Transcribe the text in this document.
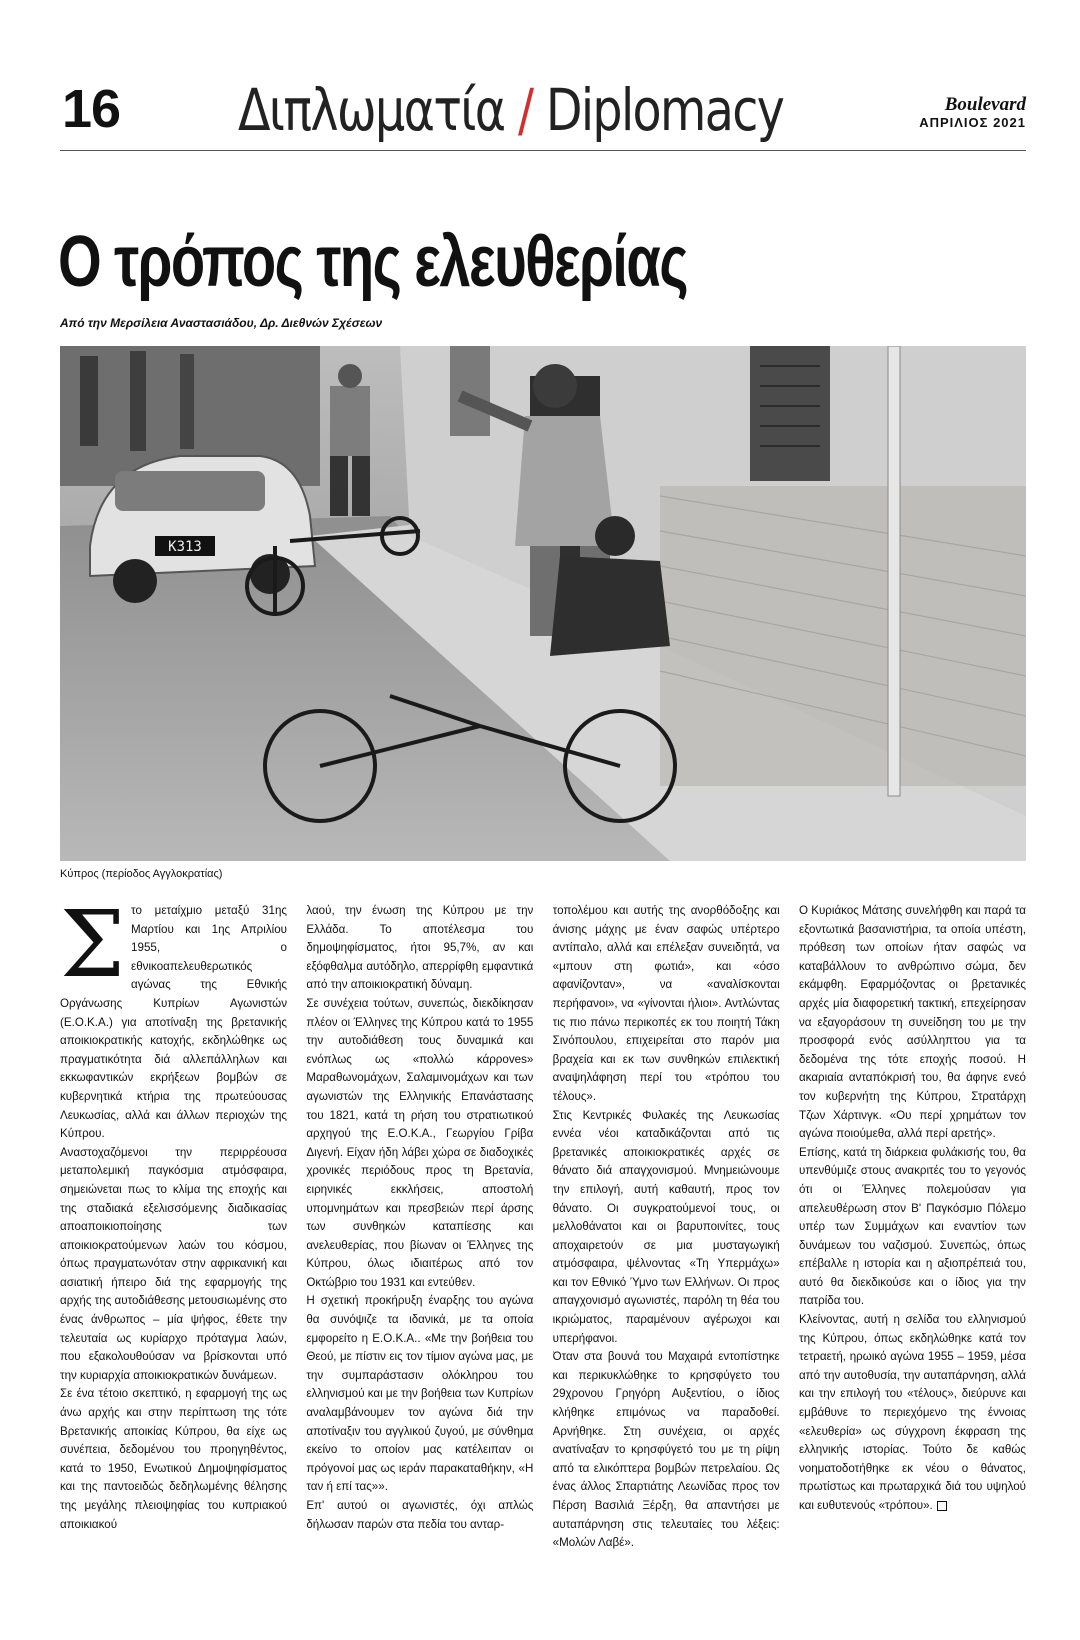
16 Διπλωματία / Diplomacy	Boulevard
ΑΠΡΙΛΙΟΣ 2021
Ο τρόπος της ελευθερίας
Από την Μερσίλεια Αναστασιάδου, Δρ. Διεθνών Σχέσεων
K313
Κύπρος (περίοδος Αγγλοκρατίας)
Σ το μεταίχμιο μεταξύ 31ης Μαρτίου και 1ης Απριλίου 1955, ο εθνικοαπελευθερωτικός αγώνας της Εθνικής Οργάνωσης Κυπρίων Αγωνιστών (Ε.Ο.Κ.Α.) για αποτίναξη της βρετανικής αποικιοκρατικής κατοχής, εκδηλώθηκε ως πραγματικότητα διά αλλεπάλληλων και εκκωφαντικών εκρήξεων βομβών σε κυβερνητικά κτήρια της πρωτεύουσας Λευκωσίας, αλλά και άλλων περιοχών της Κύπρου.

Αναστοχαζόμενοι την περιρρέουσα μεταπολεμική παγκόσμια ατμόσφαιρα, σημειώνεται πως το κλίμα της εποχής και της σταδιακά εξελισσόμενης διαδικασίας αποαποικιοποίησης των αποικιοκρατούμενων λαών του κόσμου, όπως πραγματωνόταν στην αφρικανική και ασιατική ήπειρο διά της εφαρμογής της αρχής της αυτοδιάθεσης μετουσιωμένης στο ένας άνθρωπος – μία ψήφος, έθετε την τελευταία ως κυρίαρχο πρόταγμα λαών, που εξακολουθούσαν να βρίσκονται υπό την κυριαρχία αποικιοκρατικών δυνάμεων.

Σε ένα τέτοιο σκεπτικό, η εφαρμογή της ως άνω αρχής και στην περίπτωση της τότε Βρετανικής αποικίας Κύπρου, θα είχε ως συνέπεια, δεδομένου του προηγηθέντος, κατά το 1950, Ενωτικού Δημοψηφίσματος και της παντοειδώς δεδηλωμένης θέλησης της μεγάλης πλειοψηφίας του κυπριακού αποικιακού

λαού, την ένωση της Κύπρου με την Ελλάδα. Το αποτέλεσμα του δημοψηφίσματος, ήτοι 95,7%, αν και εξόφθαλμα αυτόδηλο, απερρίφθη εμφαντικά από την αποικιοκρατική δύναμη.

Σε συνέχεια τούτων, συνεπώς, διεκδίκησαν πλέον οι Έλληνες της Κύπρου κατά το 1955 την αυτοδιάθεση τους δυναμικά και ενόπλως ως «πολλώ κάρροves» Μαραθωνομάχων, Σαλαμινομάχων και των αγωνιστών της Ελληνικής Επανάστασης του 1821, κατά τη ρήση του στρατιωτικού αρχηγού της Ε.Ο.Κ.Α., Γεωργίου Γρίβα Διγενή. Είχαν ήδη λάβει χώρα σε διαδοχικές χρονικές περιόδους προς τη Βρετανία, ειρηνικές εκκλήσεις, αποστολή υπομνημάτων και πρεσβειών περί άρσης των συνθηκών καταπίεσης και ανελευθερίας, που βίωναν οι Έλληνες της Κύπρου, όλως ιδιαιτέρως από τον Οκτώβριο του 1931 και εντεύθεν.

Η σχετική προκήρυξη έναρξης του αγώνα θα συνόψιζε τα ιδανικά, με τα οποία εμφορείτο η Ε.Ο.Κ.Α.. «Με την βοήθεια του Θεού, με πίστιν εις τον τίμιον αγώνα μας, με την συμπαράστασιν ολόκληρου του ελληνισμού και με την βοήθεια των Κυπρίων αναλαμβάνουμεν τον αγώνα διά την αποτίναξιν του αγγλικού ζυγού, με σύνθημα εκείνο το οποίον μας κατέλειπαν οι πρόγονοί μας ως ιεράν παρακαταθήκην, «Η ταν ή επί τας»».

Επ' αυτού οι αγωνιστές, όχι απλώς δήλωσαν παρών στα πεδία του ανταρ-

τοπολέμου και αυτής της ανορθόδοξης και άνισης μάχης με έναν σαφώς υπέρτερο αντίπαλο, αλλά και επέλεξαν συνειδητά, να «μπουν στη φωτιά», και «όσο αφανίζονταν», να «αναλίσκονται περήφανοι», να «γίνονται ήλιοι». Αντλώντας τις πιο πάνω περικοπές εκ του ποιητή Τάκη Σινόπουλου, επιχειρείται στο παρόν μια βραχεία και εκ των συνθηκών επιλεκτική αναψηλάφηση περί του «τρόπου του τέλους».

Στις Κεντρικές Φυλακές της Λευκωσίας εννέα νέοι καταδικάζονται από τις βρετανικές αποικιοκρατικές αρχές σε θάνατο διά απαγχονισμού. Μνημειώνουμε την επιλογή, αυτή καθαυτή, προς τον θάνατο. Οι συγκρατούμενοί τους, οι μελλοθάνατοι και οι βαρυποινίτες, τους αποχαιρετούν σε μια μυσταγωγική ατμόσφαιρα, ψέλνοντας «Τη Υπερμάχω» και τον Εθνικό Ύμνο των Ελλήνων. Οι προς απαγχονισμό αγωνιστές, παρόλη τη θέα του ικριώματος, παραμένουν αγέρωχοι και υπερήφανοι.

Όταν στα βουνά του Μαχαιρά εντοπίστηκε και περικυκλώθηκε το κρησφύγετο του 29χρονου Γρηγόρη Αυξεντίου, ο ίδιος κλήθηκε επιμόνως να παραδοθεί. Αρνήθηκε. Στη συνέχεια, οι αρχές ανατίναξαν το κρησφύγετό του με τη ρίψη από τα ελικόπτερα βομβών πετρελαίου. Ως ένας άλλος Σπαρτιάτης Λεωνίδας προς τον Πέρση Βασιλιά Ξέρξη, θα απαντήσει με αυταπάρνηση στις τελευταίες του λέξεις: «Μολών Λαβέ».

Ο Κυριάκος Μάτσης συνελήφθη και παρά τα εξοντωτικά βασανιστήρια, τα οποία υπέστη, πρόθεση των οποίων ήταν σαφώς να καταβάλλουν το ανθρώπινο σώμα, δεν εκάμφθη. Εφαρμόζοντας οι βρετανικές αρχές μία διαφορετική τακτική, επεχείρησαν να εξαγοράσουν τη συνείδηση του με την προσφορά ενός ασύλληπτου για τα δεδομένα της τότε εποχής ποσού. Η ακαριαία ανταπόκρισή του, θα άφηνε ενεό τον κυβερνήτη της Κύπρου, Στρατάρχη Τζων Χάρτινγκ. «Ου περί χρημάτων τον αγώνα ποιούμεθα, αλλά περί αρετής».

Επίσης, κατά τη διάρκεια φυλάκισής του, θα υπενθύμιζε στους ανακριτές του το γεγονός ότι οι Έλληνες πολεμούσαν για απελευθέρωση στον Β' Παγκόσμιο Πόλεμο υπέρ των Συμμάχων και εναντίον των δυνάμεων του ναζισμού. Συνεπώς, όπως επέβαλλε η ιστορία και η αξιοπρέπειά του, αυτό θα διεκδικούσε και ο ίδιος για την πατρίδα του.

Κλείνοντας, αυτή η σελίδα του ελληνισμού της Κύπρου, όπως εκδηλώθηκε κατά τον τετραετή, ηρωικό αγώνα 1955 – 1959, μέσα από την αυτοθυσία, την αυταπάρνηση, αλλά και την επιλογή του «τέλους», διεύρυνε και εμβάθυνε το περιεχόμενο της έννοιας «ελευθερία» ως σύγχρονη έκφραση της ελληνικής ιστορίας. Τούτο δε καθώς νοηματοδοτήθηκε εκ νέου ο θάνατος, πρωτίστως και πρωταρχικά διά του υψηλού και ευθυτενούς «τρόπου».
